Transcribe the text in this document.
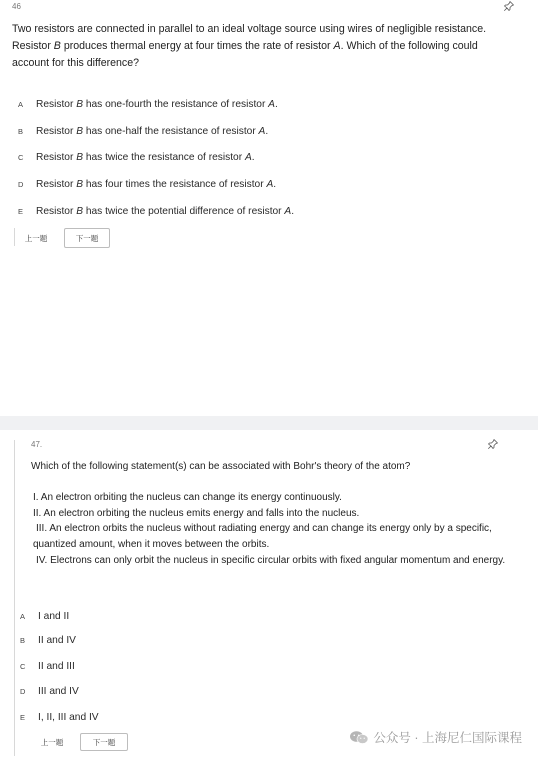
46
Two resistors are connected in parallel to an ideal voltage source using wires of negligible resistance. Resistor B produces thermal energy at four times the rate of resistor A. Which of the following could account for this difference?
A	Resistor B has one-fourth the resistance of resistor A.
B	Resistor B has one-half the resistance of resistor A.
C	Resistor B has twice the resistance of resistor A.
D	Resistor B has four times the resistance of resistor A.
E	Resistor B has twice the potential difference of resistor A.
上一题	下一题
47.
Which of the following statement(s) can be associated with Bohr's theory of the atom?
I. An electron orbiting the nucleus can change its energy continuously.
II. An electron orbiting the nucleus emits energy and falls into the nucleus.
III. An electron orbits the nucleus without radiating energy and can change its energy only by a specific, quantized amount, when it moves between the orbits.
IV. Electrons can only orbit the nucleus in specific circular orbits with fixed angular momentum and energy.
A	I and II
B	II and IV
C	II and III
D	III and IV
E	I, II, III and IV
上一题	下一题	公众号 · 上海尼仁国际课程
